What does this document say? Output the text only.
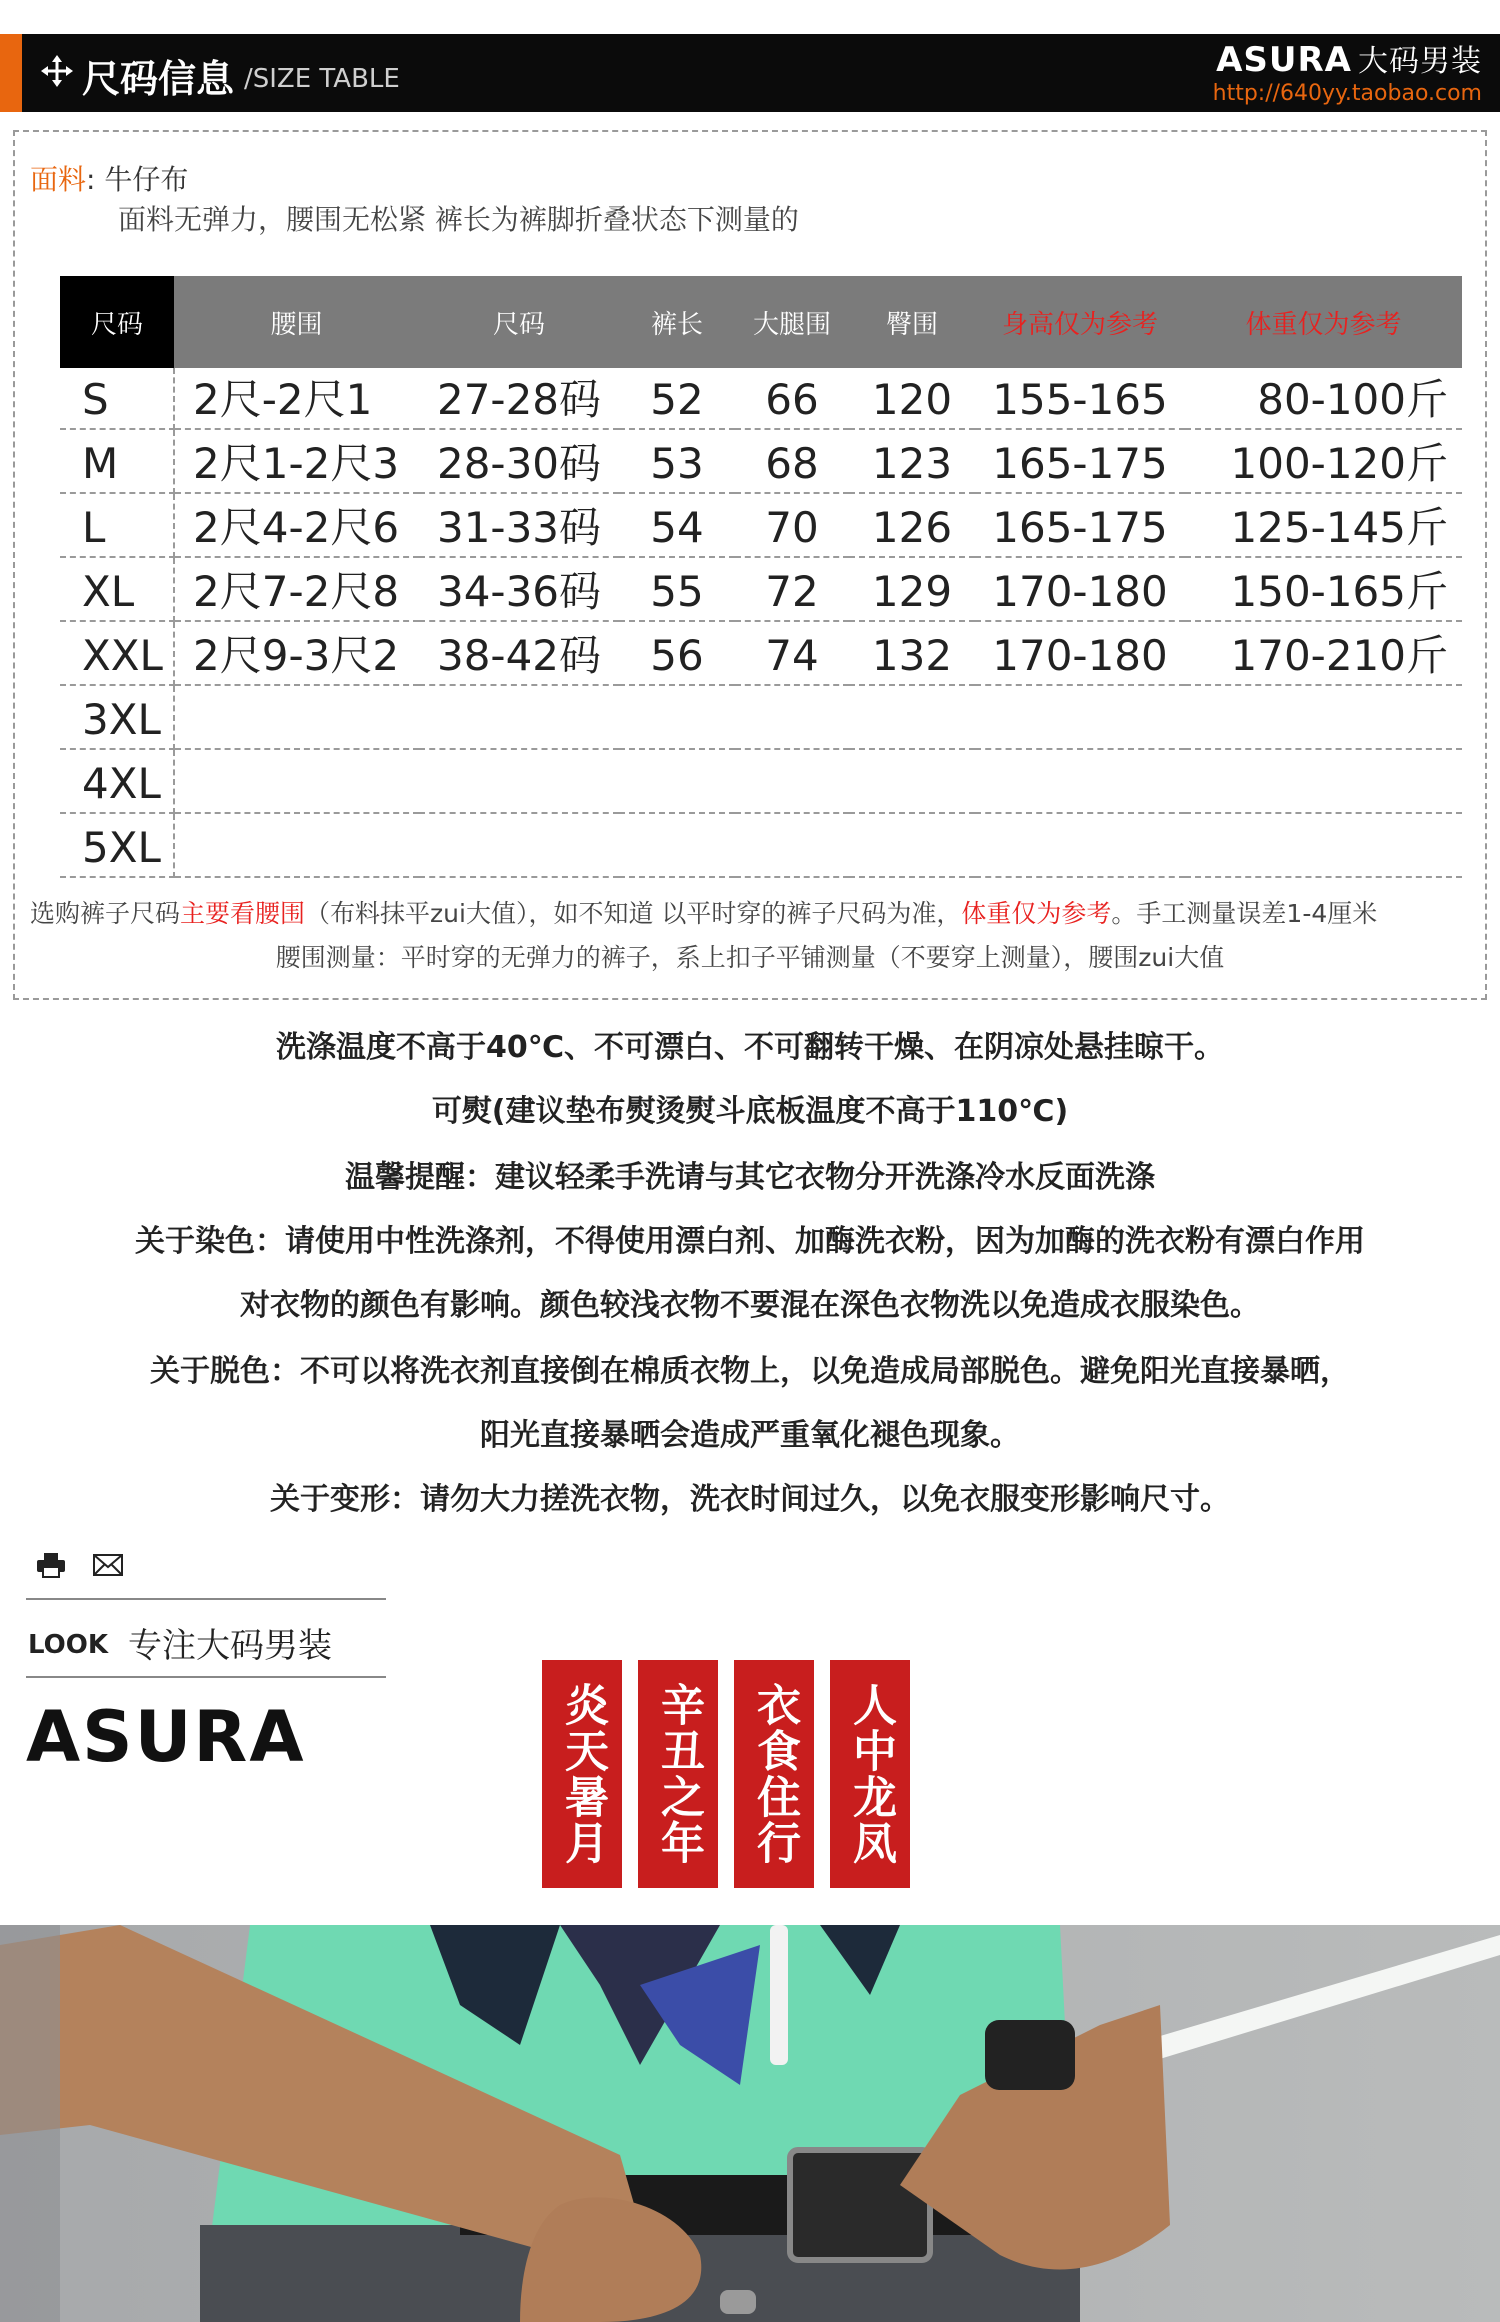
尺码信息 /SIZE TABLE	ASURA 大码男装
http://640yy.taobao.com
面料: 牛仔布
面料无弹力，腰围无松紧 裤长为裤脚折叠状态下测量的
尺码	腰围	尺码	裤长	大腿围	臀围	身高仅为参考	体重仅为参考
S	2尺-2尺1	27-28码	52	66	120	155-165	80-100斤
M	2尺1-2尺3	28-30码	53	68	123	165-175	100-120斤
L	2尺4-2尺6	31-33码	54	70	126	165-175	125-145斤
XL	2尺7-2尺8	34-36码	55	72	129	170-180	150-165斤
XXL	2尺9-3尺2	38-42码	56	74	132	170-180	170-210斤
3XL							
4XL							
5XL							
选购裤子尺码主要看腰围（布料抹平zui大值），如不知道 以平时穿的裤子尺码为准，体重仅为参考。手工测量误差1-4厘米
腰围测量：平时穿的无弹力的裤子，系上扣子平铺测量（不要穿上测量），腰围zui大值
洗涤温度不高于40℃、不可漂白、不可翻转干燥、在阴凉处悬挂晾干。
可熨(建议垫布熨烫熨斗底板温度不高于110℃)
温馨提醒：建议轻柔手洗请与其它衣物分开洗涤冷水反面洗涤
关于染色：请使用中性洗涤剂，不得使用漂白剂、加酶洗衣粉，因为加酶的洗衣粉有漂白作用
对衣物的颜色有影响。颜色较浅衣物不要混在深色衣物洗以免造成衣服染色。
关于脱色：不可以将洗衣剂直接倒在棉质衣物上，以免造成局部脱色。避免阳光直接暴晒，
阳光直接暴晒会造成严重氧化褪色现象。
关于变形：请勿大力搓洗衣物，洗衣时间过久，以免衣服变形影响尺寸。

LOOK 专注大码男装
ASURA	炎天暑月	辛丑之年	衣食住行	人中龙凤
